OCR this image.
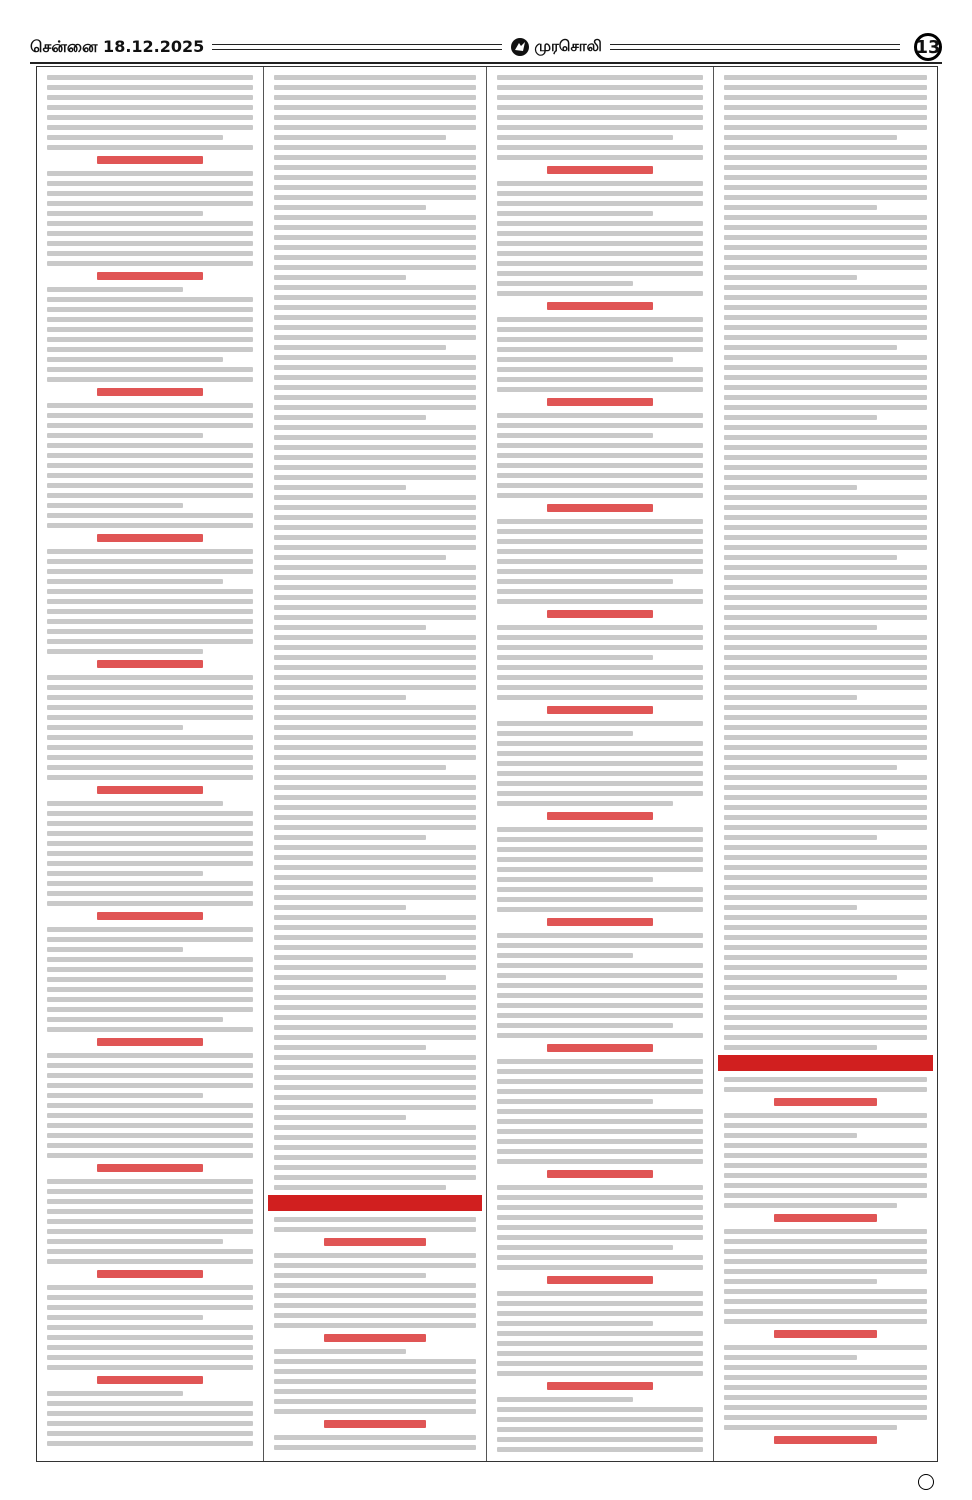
சென்னை 18.12.2025	முரசொலி	13
